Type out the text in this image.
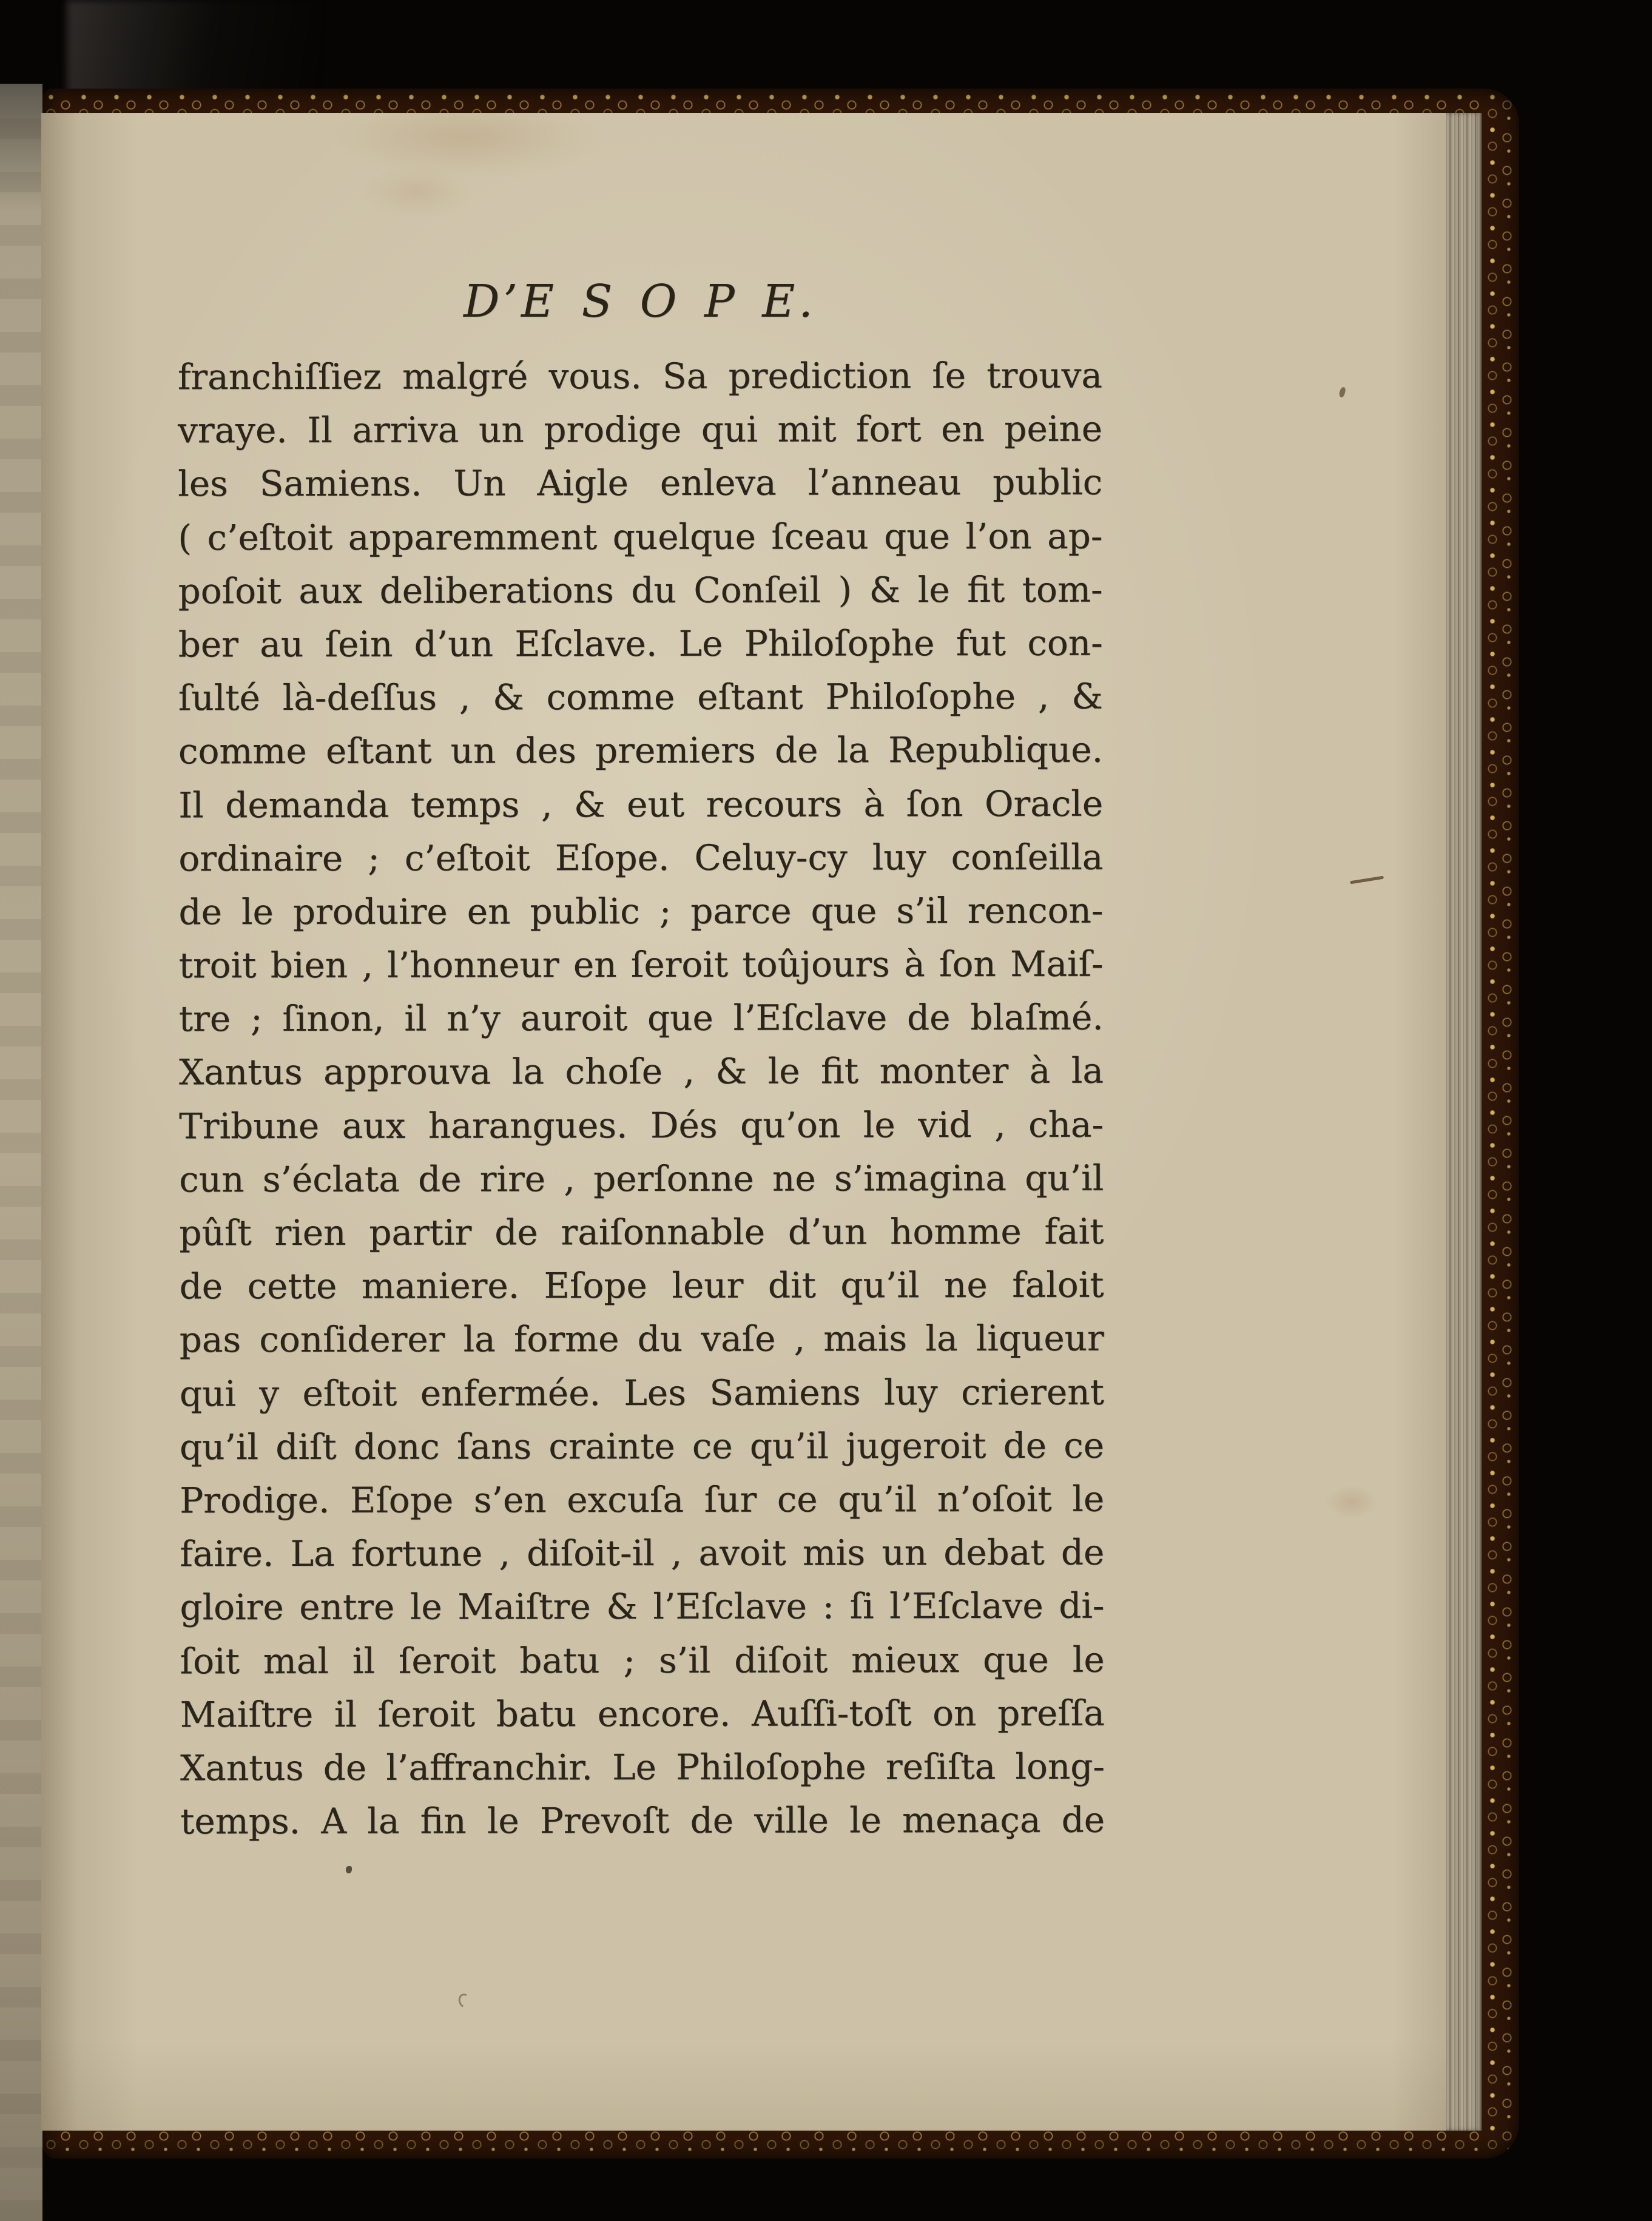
D’E S O P E.
franchiſſiez malgré vous. Sa prediction ſe trouva
vraye. Il arriva un prodige qui mit fort en peine
les Samiens. Un Aigle enleva l’anneau public
( c’eſtoit apparemment quelque ſceau que l’on ap-
poſoit aux deliberations du Conſeil ) & le fit tom-
ber au ſein d’un Eſclave. Le Philoſophe fut con-
ſulté là-deſſus , & comme eſtant Philoſophe , &
comme eſtant un des premiers de la Republique.
Il demanda temps , & eut recours à ſon Oracle
ordinaire ; c’eſtoit Eſope. Celuy-cy luy conſeilla
de le produire en public ; parce que s’il rencon-
troit bien , l’honneur en ſeroit toûjours à ſon Maiſ-
tre ; ſinon, il n’y auroit que l’Eſclave de blaſmé.
Xantus approuva la choſe , & le fit monter à la
Tribune aux harangues. Dés qu’on le vid , cha-
cun s’éclata de rire , perſonne ne s’imagina qu’il
pûſt rien partir de raiſonnable d’un homme fait
de cette maniere. Eſope leur dit qu’il ne faloit
pas conſiderer la forme du vaſe , mais la liqueur
qui y eſtoit enfermée. Les Samiens luy crierent
qu’il diſt donc ſans crainte ce qu’il jugeroit de ce
Prodige. Eſope s’en excuſa ſur ce qu’il n’oſoit le
faire. La fortune , diſoit-il , avoit mis un debat de
gloire entre le Maiſtre & l’Eſclave : ſi l’Eſclave di-
ſoit mal il ſeroit batu ; s’il diſoit mieux que le
Maiſtre il ſeroit batu encore. Auſſi-toſt on preſſa
Xantus de l’affranchir. Le Philoſophe reſiſta long-
temps. A la fin le Prevoſt de ville le menaça de
